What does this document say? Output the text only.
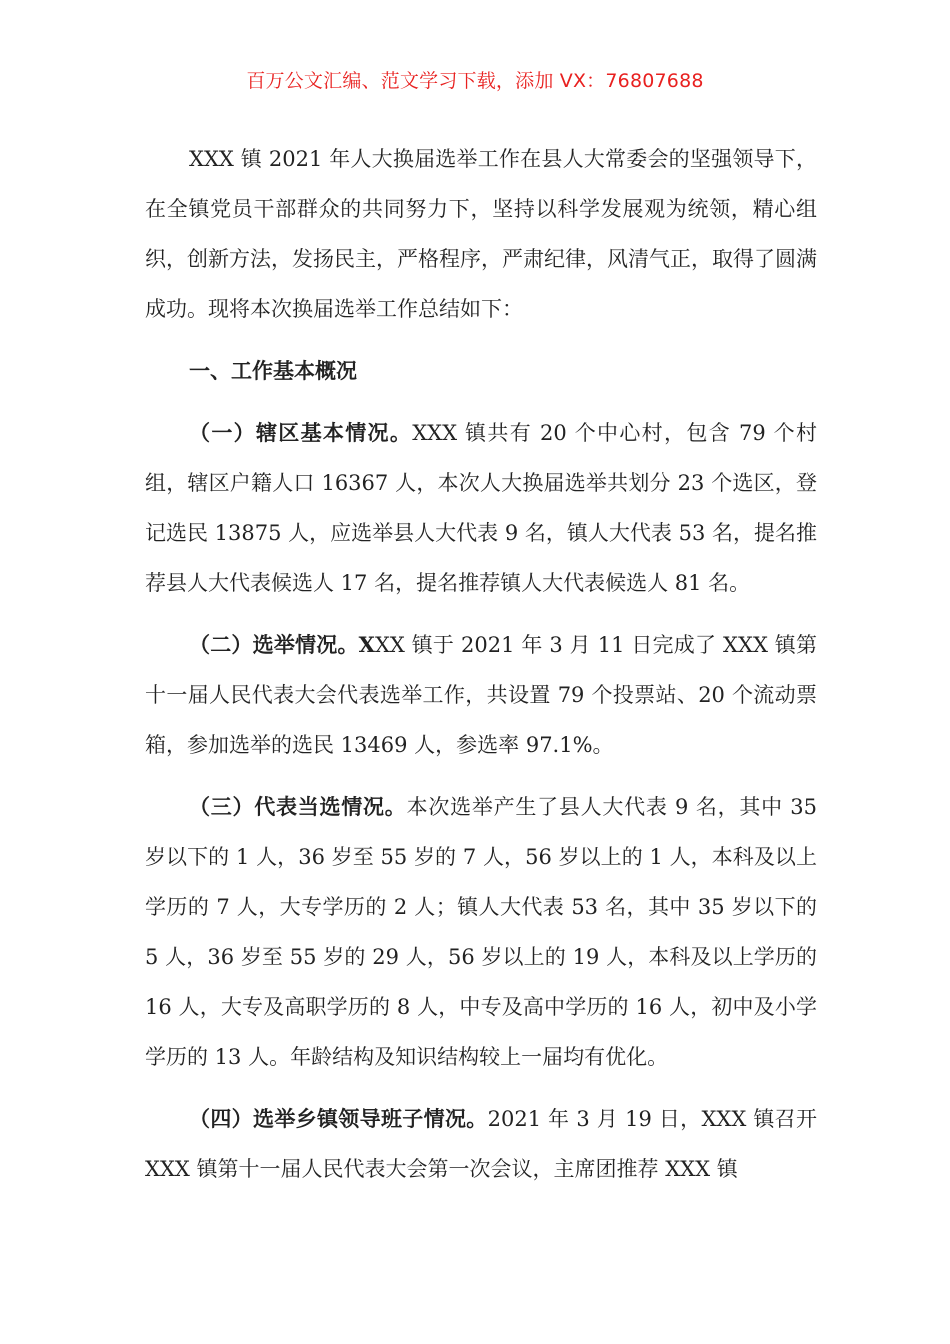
百万公文汇编、范文学习下载，添加 VX：76807688

XXX 镇 2021 年人大换届选举工作在县人大常委会的坚强领导下，在全镇党员干部群众的共同努力下，坚持以科学发展观为统领，精心组织，创新方法，发扬民主，严格程序，严肃纪律，风清气正，取得了圆满成功。现将本次换届选举工作总结如下：

一、工作基本概况

（一）辖区基本情况。XXX 镇共有 20 个中心村，包含 79 个村组，辖区户籍人口 16367 人，本次人大换届选举共划分 23 个选区，登记选民 13875 人，应选举县人大代表 9 名，镇人大代表 53 名，提名推荐县人大代表候选人 17 名，提名推荐镇人大代表候选人 81 名。

（二）选举情况。XXX 镇于 2021 年 3 月 11 日完成了 XXX 镇第十一届人民代表大会代表选举工作，共设置 79 个投票站、20 个流动票箱，参加选举的选民 13469 人，参选率 97.1%。

（三）代表当选情况。本次选举产生了县人大代表 9 名，其中 35 岁以下的 1 人，36 岁至 55 岁的 7 人，56 岁以上的 1 人，本科及以上学历的 7 人，大专学历的 2 人；镇人大代表 53 名，其中 35 岁以下的 5 人，36 岁至 55 岁的 29 人，56 岁以上的 19 人，本科及以上学历的 16 人，大专及高职学历的 8 人，中专及高中学历的 16 人，初中及小学学历的 13 人。年龄结构及知识结构较上一届均有优化。

（四）选举乡镇领导班子情况。2021 年 3 月 19 日，XXX 镇召开 XXX 镇第十一届人民代表大会第一次会议，主席团推荐 XXX 镇
